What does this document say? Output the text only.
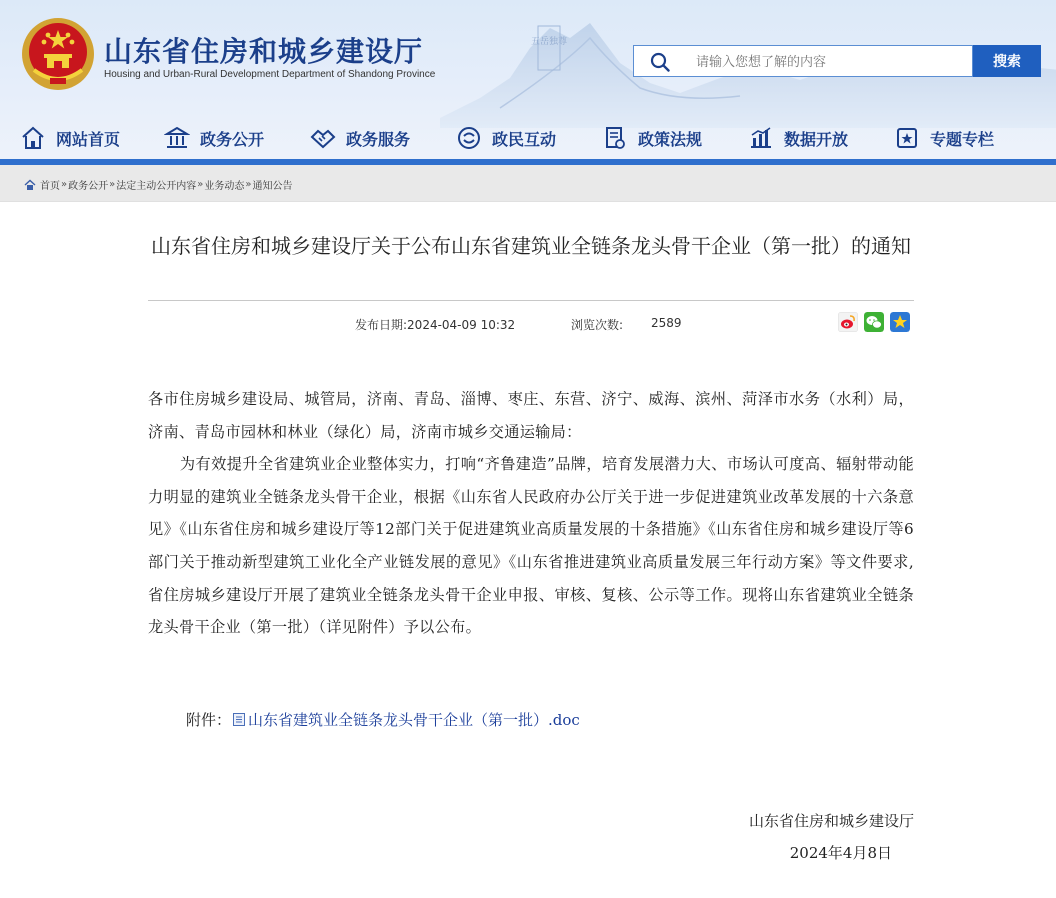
五岳独尊
山东省住房和城乡建设厅
Housing and Urban-Rural Development Department of Shandong Province
请输入您想了解的内容
搜索
网站首页	政务公开	政务服务	政民互动	政策法规	数据开放	专题专栏
首页 » 政务公开 » 法定主动公开内容 » 业务动态 » 通知公告
山东省住房和城乡建设厅关于公布山东省建筑业全链条龙头骨干企业（第一批）的通知
发布日期:2024-04-09 10:32	浏览次数: 2589

各市住房城乡建设局、城管局，济南、青岛、淄博、枣庄、东营、济宁、威海、滨州、菏泽市水务（水利）局，济南、青岛市园林和林业（绿化）局，济南市城乡交通运输局：

为有效提升全省建筑业企业整体实力，打响“齐鲁建造”品牌，培育发展潜力大、市场认可度高、辐射带动能力明显的建筑业全链条龙头骨干企业，根据《山东省人民政府办公厅关于进一步促进建筑业改革发展的十六条意见》《山东省住房和城乡建设厅等12部门关于促进建筑业高质量发展的十条措施》《山东省住房和城乡建设厅等6部门关于推动新型建筑工业化全产业链发展的意见》《山东省推进建筑业高质量发展三年行动方案》等文件要求,省住房城乡建设厅开展了建筑业全链条龙头骨干企业申报、审核、复核、公示等工作。现将山东省建筑业全链条龙头骨干企业（第一批）（详见附件）予以公布。

附件： 山东省建筑业全链条龙头骨干企业（第一批）.doc
山东省住房和城乡建设厅
2024年4月8日
